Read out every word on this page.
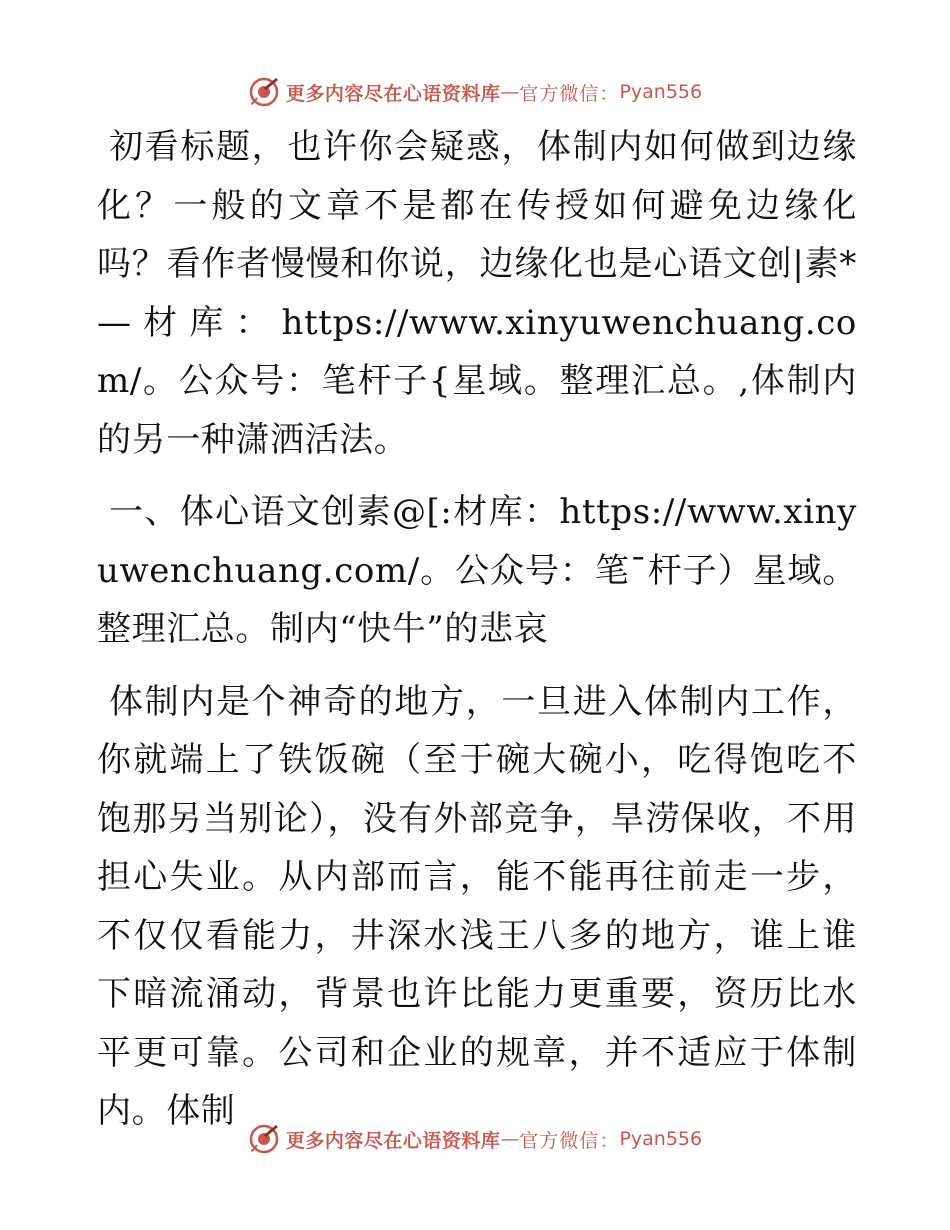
更多内容尽在心语资料库 — 官方微信： Pyan556

初看标题，也许你会疑惑，体制内如何做到边缘化？一般的文章不是都在传授如何避免边缘化吗？看作者慢慢和你说，边缘化也是心语文创|素*—材库：https://www.xinyuwenchuang.com/。公众号：笔杆子{星域。整理汇总。,体制内的另一种潇洒活法。

一、体心语文创素@[:材库：https://www.xinyuwenchuang.com/。公众号：笔¯杆子）星域。整理汇总。制内“快牛”的悲哀

体制内是个神奇的地方，一旦进入体制内工作，你就端上了铁饭碗（至于碗大碗小，吃得饱吃不饱那另当别论），没有外部竞争，旱涝保收，不用担心失业。从内部而言，能不能再往前走一步，不仅仅看能力，井深水浅王八多的地方，谁上谁下暗流涌动，背景也许比能力更重要，资历比水平更可靠。公司和企业的规章，并不适应于体制内。体制

更多内容尽在心语资料库 — 官方微信： Pyan556
